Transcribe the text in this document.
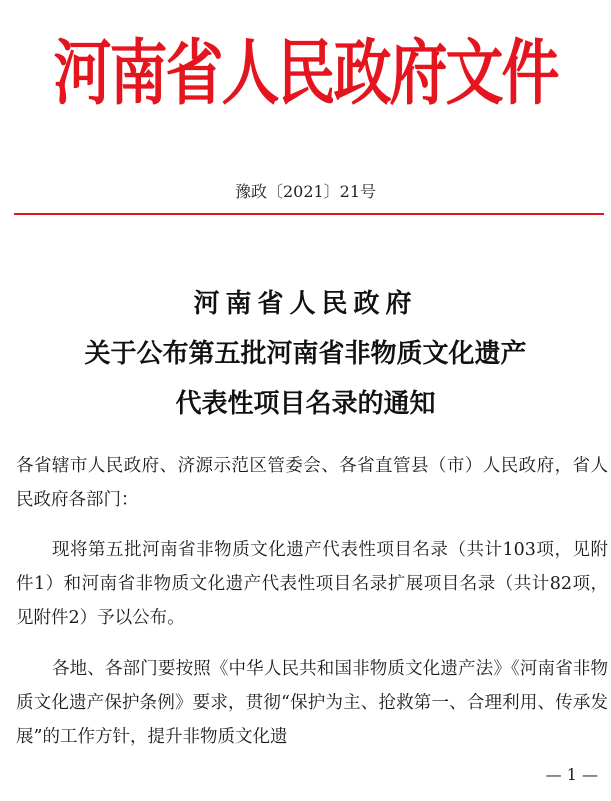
河南省人民政府文件
豫政〔2021〕21号
河南省人民政府
关于公布第五批河南省非物质文化遗产
代表性项目名录的通知
各省辖市人民政府、济源示范区管委会、各省直管县（市）人民政府，省人民政府各部门：
现将第五批河南省非物质文化遗产代表性项目名录（共计103项，见附件1）和河南省非物质文化遗产代表性项目名录扩展项目名录（共计82项，见附件2）予以公布。
各地、各部门要按照《中华人民共和国非物质文化遗产法》《河南省非物质文化遗产保护条例》要求，贯彻“保护为主、抢救第一、合理利用、传承发展”的工作方针，提升非物质文化遗
— 1 —
